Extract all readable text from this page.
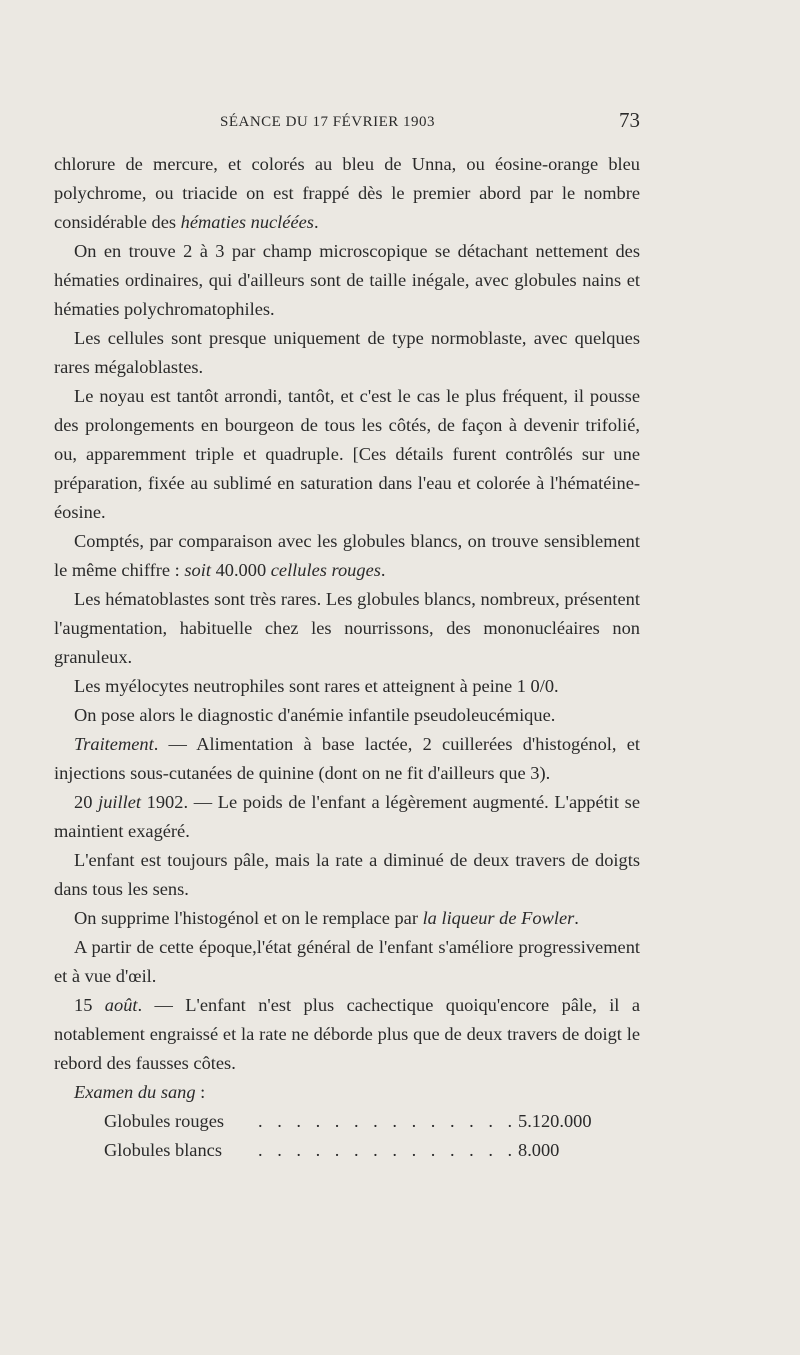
SÉANCE DU 17 FÉVRIER 1903	73

chlorure de mercure, et colorés au bleu de Unna, ou éosine-orange bleu polychrome, ou triacide on est frappé dès le premier abord par le nombre considérable des hématies nucléées.

On en trouve 2 à 3 par champ microscopique se détachant nettement des hématies ordinaires, qui d'ailleurs sont de taille inégale, avec globules nains et hématies polychromatophiles.

Les cellules sont presque uniquement de type normoblaste, avec quelques rares mégaloblastes.

Le noyau est tantôt arrondi, tantôt, et c'est le cas le plus fréquent, il pousse des prolongements en bourgeon de tous les côtés, de façon à devenir trifolié, ou, apparemment triple et quadruple. [Ces détails furent contrôlés sur une préparation, fixée au sublimé en saturation dans l'eau et colorée à l'hématéine-éosine.

Comptés, par comparaison avec les globules blancs, on trouve sensiblement le même chiffre : soit 40.000 cellules rouges.

Les hématoblastes sont très rares. Les globules blancs, nombreux, présentent l'augmentation, habituelle chez les nourrissons, des mononucléaires non granuleux.

Les myélocytes neutrophiles sont rares et atteignent à peine 1 0/0.

On pose alors le diagnostic d'anémie infantile pseudoleucémique.

Traitement. — Alimentation à base lactée, 2 cuillerées d'histogénol, et injections sous-cutanées de quinine (dont on ne fit d'ailleurs que 3).

20 juillet 1902. — Le poids de l'enfant a légèrement augmenté. L'appétit se maintient exagéré.

L'enfant est toujours pâle, mais la rate a diminué de deux travers de doigts dans tous les sens.

On supprime l'histogénol et on le remplace par la liqueur de Fowler.

A partir de cette époque,l'état général de l'enfant s'améliore progressivement et à vue d'œil.

15 août. — L'enfant n'est plus cachectique quoiqu'encore pâle, il a notablement engraissé et la rate ne déborde plus que de deux travers de doigt le rebord des fausses côtes.

Examen du sang :

Globules rouges	. . . . . . . . . . . . . . 5.120.000
Globules blancs	. . . . . . . . . . . . . . 8.000
